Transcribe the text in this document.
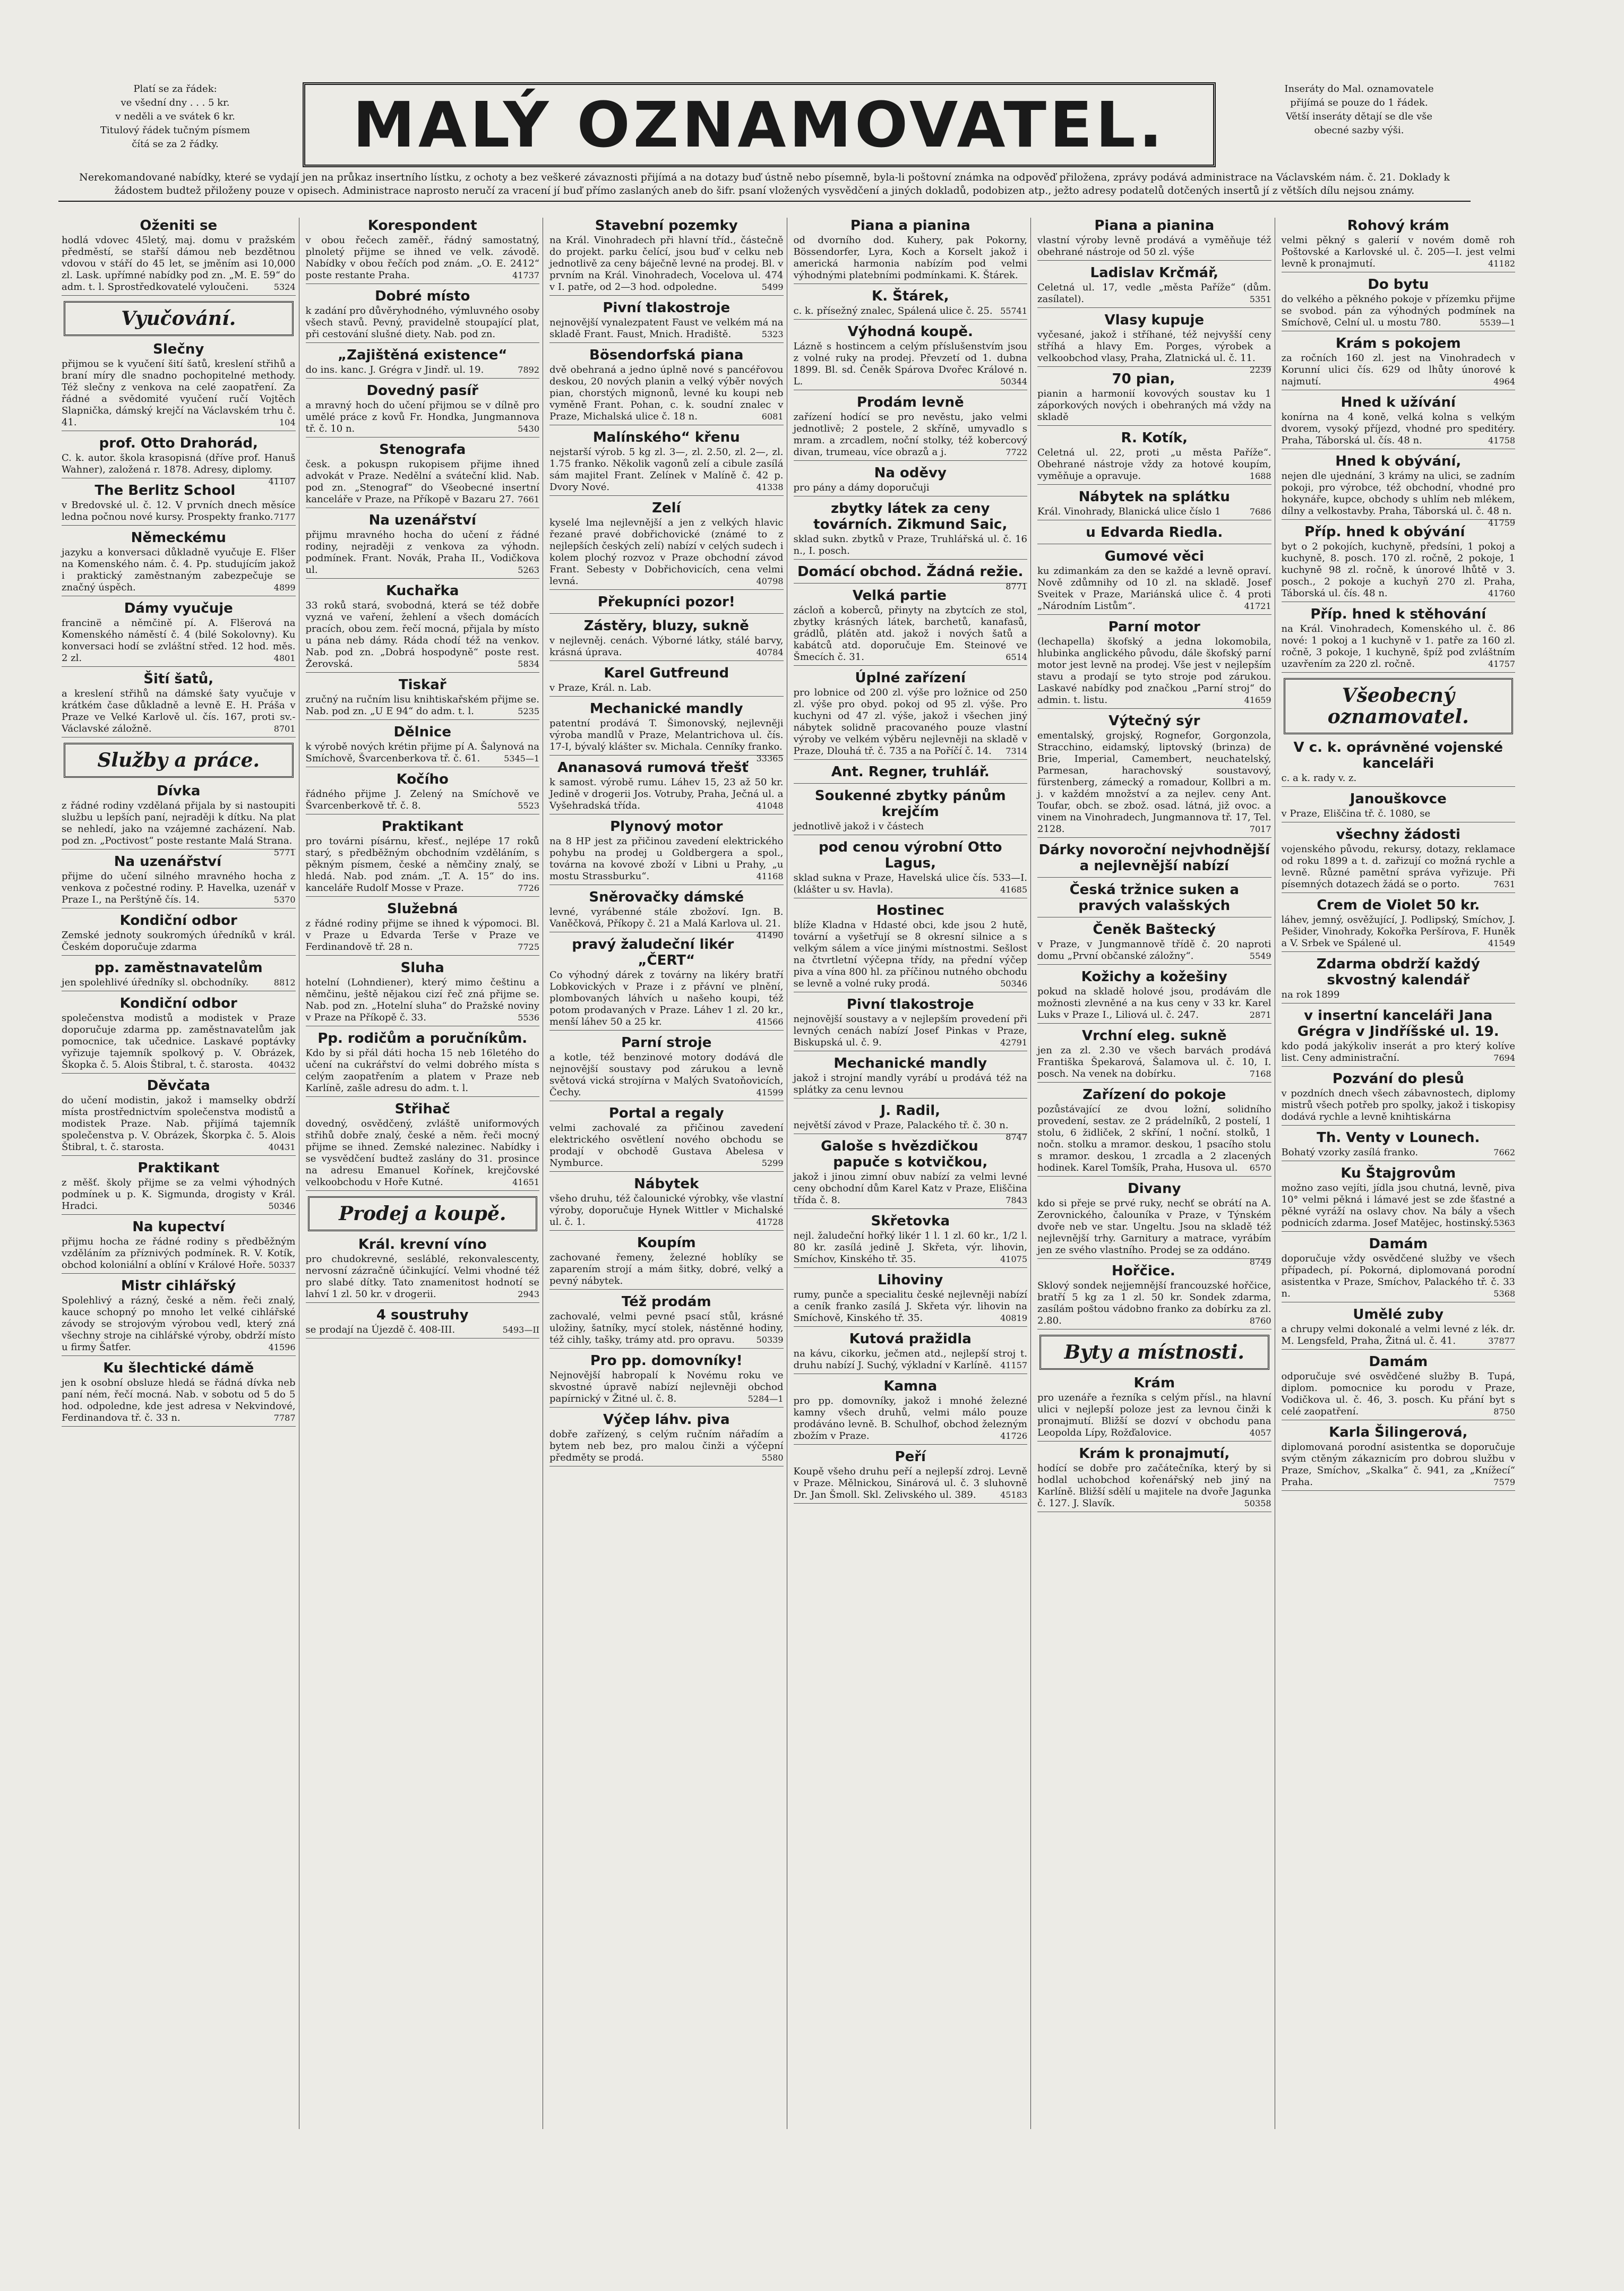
Platí se za řádek:
ve všední dny . . . 5 kr.
v neděli a ve svátek 6 kr.
Titulový řádek tučným písmem
čítá se za 2 řádky.	MALÝ OZNAMOVATEL.	Inseráty do Mal. oznamovatele
přijímá se pouze do 1 řádek.
Větší inseráty dětají se dle vše
obecné sazby výši.
Nerekomandované nabídky, které se vydají jen na průkaz insertního lístku, z ochoty a bez veškeré závaznosti přijímá a na dotazy buď ústně nebo písemně, byla-li poštovní známka na odpověď přiložena, zprávy podává administrace na Václavském nám. č. 21. Doklady k žádostem budtež přiloženy pouze v opisech. Administrace naprosto neručí za vracení jí buď přímo zaslaných aneb do šifr. psaní vložených vysvědčení a jiných dokladů, podobizen atp., ježto adresy podatelů dotčených insertů jí z větších dílu nejsou známy.
Oženiti se

hodlá vdovec 45letý, maj. domu v pražském předměstí, se stařší dámou neb bezdětnou vdovou v stáří do 45 let, se jměním asi 10,000 zl. Lask. upřímné nabídky pod zn. „M. E. 59“ do adm. t. l. Sprostředkovatelé vyloučeni.	5324

Vyučování.
Slečny

přijmou se k vyučení šití šatů, kreslení střihů a braní míry dle snadno pochopitelné methody. Též slečny z venkova na celé zaopatření. Za řádné a svědomité vyučení ručí Vojtěch Slapnička, dámský krejčí na Václavském trhu č. 41.	104

prof. Otto Drahorád,

C. k. autor. škola krasopisná (dříve prof. Hanuš Wahner), založená r. 1878. Adresy, diplomy.
41107

The Berlitz School

v Bredovské ul. č. 12. V prvních dnech měsíce ledna počnou nové kursy. Prospekty franko. 7177

Německému

jazyku a konversaci důkladně vyučuje E. Flšer na Komenského nám. č. 4. Pp. studujícím jakož i praktický zaměstnaným zabezpečuje se značný úspěch.	4899

Dámy vyučuje

francinë a němčině pí. A. Flšerová na Komenského náměstí č. 4 (bilé Sokolovny). Ku konversaci hodí se zvláštní střed. 12 hod. měs. 2 zl.	4801

Šití šatů,

a kreslení střihů na dámské šaty vyučuje v krátkém čase důkladně a levně E. H. Práša v Praze ve Velké Karlově ul. čís. 167, proti sv.-Václavské záložně.	8701

Služby a práce.
Dívka

z řádné rodiny vzdělaná přijala by si nastoupiti službu u lepších paní, nejraději k dítku. Na plat se nehledí, jako na vzájemné zacházení. Nab. pod zn. „Poctivost“ poste restante Malá Strana.
5771

Na uzenářství

přijme do učení silného mravného hocha z venkova z počestné rodiny. P. Havelka, uzenář v Praze I., na Perštýně čís. 14.	5370

Kondiční odbor

Zemské jednoty soukromých úředníků v král. Českém doporučuje zdarma

pp. zaměstnavatelům

jen spolehlivé úředníky sl. obchodníky.	8812

Kondiční odbor

společenstva modistů a modistek v Praze doporučuje zdarma pp. zaměstnavatelům jak pomocnice, tak učednice. Laskavé poptávky vyřizuje tajemník spolkový p. V. Obrázek, Škopka č. 5. Alois Štibral, t. č. starosta. 40432

Děvčata

do učení modistin, jakož i mamselky obdrží místa prostřednictvím společenstva modistů a modistek Praze. Nab. přijímá tajemník společenstva p. V. Obrázek, Škorpka č. 5. Alois Štibral, t. č. starosta.	40431

Praktikant

z měšť. školy přijme se za velmi výhodných podmínek u p. K. Sigmunda, drogisty v Král. Hradci.	50346

Na kupectví

přijmu hocha ze řádné rodiny s předběžným vzděláním za příznivých podmínek. R. V. Kotík, obchod koloniální a oblíní v Králové Hoře. 50337

Mistr cihlářský

Spolehlivý a rázný, české a něm. řeči znalý, kauce schopný po mnoho let velké cihlářské závody se strojovým výrobou vedl, který zná všechny stroje na cihlářské výroby, obdrží místo u firmy Šatfer.	41596

Ku šlechtické dámě

jen k osobní obsluze hledá se řádná dívka neb paní ném, řečí mocná. Nab. v sobotu od 5 do 5 hod. odpoledne, kde jest adresa v Nekvindové, Ferdinandova tř. č. 33 n.	7787

Korespondent

v obou řečech zaměř., řádný samostatný, plnoletý přijme se ihned ve velk. závodě. Nabídky v obou řečích pod znám. „O. E. 2412“ poste restante Praha.	41737

Dobré místo

k zadání pro důvěryhodného, výmluvného osoby všech stavů. Pevný, pravidelně stoupající plat, při cestování slušné diety. Nab. pod zn.

„Zajištěná existence“

do ins. kanc. J. Grégra v Jindř. ul. 19.	7892

Dovedný pasíř

a mravný hoch do učení přijmou se v dílně pro umělé práce z kovů Fr. Hondka, Jungmannova tř. č. 10 n.	5430

Stenografa

česk. a pokuspn rukopisem přijme ihned advokát v Praze. Nedělní a sváteční klid. Nab. pod zn. „Stenograf“ do Všeobecné insertní kanceláře v Praze, na Příkopě v Bazaru 27. 7661

Na uzenářství

přijmu mravného hocha do učení z řádné rodiny, nejraději z venkova za výhodn. podmínek. Frant. Novák, Praha II., Vodičkova ul.	5263

Kuchařka

33 roků stará, svobodná, která se též dobře vyzná ve vaření, žehlení a všech domácích pracích, obou zem. řečí mocná, přijala by místo u pána neb dámy. Ráda chodí též na venkov. Nab. pod zn. „Dobrá hospodyně“ poste rest. Žerovská.	5834

Tiskař

zručný na ručním lisu knihtiskařském přijme se. Nab. pod zn. „U E 94“ do adm. t. l.	5235

Dělnice

k výrobě nových krétin přijme pí A. Šalynová na Smíchově, Švarcenberkova tř. č. 61.	5345—1

Kočího

řádného přijme J. Zelený na Smíchově ve Švarcenberkově tř. č. 8.	5523

Praktikant

pro továrni písárnu, křesť., nejlépe 17 roků starý, s předběžným obchodním vzděláním, s pěkným písmem, české a němčiny znalý, se hledá. Nab. pod znám. „T. A. 15“ do ins. kanceláře Rudolf Mosse v Praze.	7726

Služebná

z řádné rodiny přijme se ihned k výpomoci. Bl. v Praze u Edvarda Terše v Praze ve Ferdinandově tř. 28 n.	7725

Sluha

hotelní (Lohndiener), který mimo češtinu a němčinu, ještě nějakou cizí řeč zná přijme se. Nab. pod zn. „Hotelní sluha“ do Pražské noviny v Praze na Příkopě č. 33.	5536

Pp. rodičům a poručníkům.

Kdo by si přál dáti hocha 15 neb 16letého do učení na cukrářství do velmi dobrého místa s celým zaopatřením a platem v Praze neb Karlíně, zašle adresu do adm. t. l.

Střihač

dovedný, osvědčený, zvláště uniformových střihů dobře znalý, české a něm. řeči mocný přijme se ihned. Zemské nalezinec. Nabídky i se vysvědčení budtež zaslány do 31. prosince na adresu Emanuel Kořínek, krejčovské velkoobchodu v Hoře Kutné.	41651

Prodej a koupě.
Král. krevní víno

pro chudokrevné, sesláblé, rekonvalescenty, nervosní zázračně účinkující. Velmi vhodné též pro slabé dítky. Tato znamenitost hodnotí se lahví 1 zl. 50 kr. v drogerii.	2943

4 soustruhy

se prodají na Újezdě č. 408-III.	5493—II

Stavební pozemky

na Král. Vinohradech při hlavní tříd., částečně do projekt. parku čelící, jsou buď v celku neb jednotlivě za ceny báječně levné na prodej. Bl. v prvním na Král. Vinohradech, Vocelova ul. 474 v I. patře, od 2—3 hod. odpoledne.	5499

Pivní tlakostroje

nejnovější vynalezpatent Faust ve velkém má na skladě Frant. Faust, Mnich. Hradiště.	5323

Bösendorfská piana

dvě obehraná a jedno úplně nové s pancéřovou deskou, 20 nových planin a velký výběr nových pian, chorstých mignonů, levné ku koupi neb vyměně Frant. Pohan, c. k. soudní znalec v Praze, Michalská ulice č. 18 n.	6081

Malínského“ křenu

nejstarší výrob. 5 kg zl. 3—, zl. 2.50, zl. 2—, zl. 1.75 franko. Několik vagonů zelí a cibule zasílá sám majitel Frant. Zelínek v Malíně č. 42 p. Dvory Nové.	41338

Zelí

kyselé lma nejlevnější a jen z velkých hlavic řezané pravé dobřichovické (známé to z nejlepších českých zelí) nabízí v celých sudech i kolem plochý rozvoz v Praze obchodní závod Frant. Sebesty v Dobřichovicích, cena velmi levná.	40798

Překupníci pozor!

Zástěry, bluzy, sukně

v nejlevněj. cenách. Výborné látky, stálé barvy, krásná úprava.	40784

Karel Gutfreund

v Praze, Král. n. Lab.

Mechanické mandly

patentní prodává T. Šimonovský, nejlevněji výroba mandlů v Praze, Melantrichova ul. čís. 17-I, bývalý klášter sv. Michala. Cenníky franko.
33365

Ananasová rumová třešť

k samost. výrobě rumu. Láhev 15, 23 až 50 kr. Jedině v drogerii Jos. Votruby, Praha, Ječná ul. a Vyšehradská třída.	41048

Plynový motor

na 8 HP jest za přičinou zavedení elektrického pohybu na prodej u Goldbergera a spol., továrna na kovové zboží v Libni u Prahy, „u mostu Strassburku“.	41168

Sněrovačky dámské

levné, vyrábenné stále zbožoví. Ign. B. Vaněčková, Příkopy č. 21 a Malá Karlova ul. 21.
41490

pravý žaludeční likér „ČERT“

Co výhodný dárek z továrny na likéry bratří Lobkovických v Praze i z přávní ve plnění, plombovaných láhvích u našeho koupi, též potom prodavaných v Praze. Láhev 1 zl. 20 kr., menší láhev 50 a 25 kr.	41566

Parní stroje

a kotle, též benzinové motory dodává dle nejnovější soustavy pod zárukou a levně světová vická strojírna v Malých Svatoňovicích, Čechy.	41599

Portal a regaly

velmi zachovalé za přičinou zavedení elektrického osvětlení nového obchodu se prodají v obchodě Gustava Abelesa v Nymburce.	5299

Nábytek

všeho druhu, též čalounické výrobky, vše vlastní výroby, doporučuje Hynek Wittler v Michalské ul. č. 1.	41728

Koupím

zachované řemeny, železné hoblíky se zaparením strojí a mám šitky, dobré, velký a pevný nábytek.

Též prodám

zachovalé, velmi pevné psací stůl, krásné uložiny, šatníky, mycí stolek, nástěnné hodiny, též cihly, tašky, trámy atd. pro opravu.	50339

Pro pp. domovníky!

Nejnovější habropalí k Novému roku ve skvostné úpravě nabízí nejlevněji obchod papírnický v Žitné ul. č. 8.	5284—1

Výčep láhv. piva

dobře zařízený, s celým ručním nářadím a bytem neb bez, pro malou činži a výčepní předměty se prodá.	5580

Piana a pianina

od dvorního dod. Kuhery, pak Pokorny, Bössendorfer, Lyra, Koch a Korselt jakož i americká harmonia nabízím pod velmi výhodnými platebními podmínkami. K. Štárek.

K. Štárek,

c. k. přísežný znalec, Spálená ulice č. 25. 55741

Výhodná koupě.

Lázně s hostincem a celým příslušenstvím jsou z volné ruky na prodej. Převzetí od 1. dubna 1899. Bl. sd. Čeněk Spárova Dvořec Králové n. L.	50344

Prodám levně

zařízení hodící se pro nevěstu, jako velmi jednotlivě; 2 postele, 2 skříně, umyvadlo s mram. a zrcadlem, noční stolky, též kobercový divan, trumeau, více obrazů a j.	7722

Na oděvy

pro pány a dámy doporučuji

zbytky látek za ceny továrních. Zikmund Saic,

sklad sukn. zbytků v Praze, Truhlářská ul. č. 16 n., I. posch.

Domácí obchod. Žádná režie.

8771

Velká partie

zácloň a koberců, přinyty na zbytcích ze stol, zbytky krásných látek, barchetů, kanafasů, grádlů, plátěn atd. jakož i nových šatů a kabátců atd. doporučuje Em. Steinové ve Šmecích č. 31.	6514

Úplné zařízení

pro lobnice od 200 zl. výše pro ložnice od 250 zl. výše pro obyd. pokoj od 95 zl. výše. Pro kuchyni od 47 zl. výše, jakož i všechen jiný nábytek solidně pracovaného pouze vlastní výroby ve velkém výběru nejlevněji na skladě v Praze, Dlouhá tř. č. 735 a na Poříčí č. 14. 7314

Ant. Regner, truhlář.

Soukenné zbytky pánům krejčím

jednotlivě jakož i v částech

pod cenou výrobní Otto Lagus,

sklad sukna v Praze, Havelská ulice čís. 533—I. (klášter u sv. Havla).	41685

Hostinec

blíže Kladna v Hdasté obci, kde jsou 2 hutě, tovární a vyšetřují se 8 okresní silnice a s velkým sálem a více jinými místnostmi. Sešlost na čtvrtletní výčepna třídy, na přední výčep piva a vína 800 hl. za příčinou nutného obchodu se levně a volné ruky prodá.	50346

Pivní tlakostroje

nejnovější soustavy a v nejlepším provedení při levných cenách nabízí Josef Pinkas v Praze, Biskupská ul. č. 9.	42791

Mechanické mandly

jakož i strojní mandly vyrábí u prodává též na splátky za cenu levnou

J. Radil,

největší závod v Praze, Palackého tř. č. 30 n.
8747

Galoše s hvězdičkou papuče s kotvičkou,

jakož i jinou zimní obuv nabízí za velmi levné ceny obchodní dům Karel Katz v Praze, Eliščina třída č. 8.	7843

Skřetovka

nejl. žaludeční hořký likér 1 l. 1 zl. 60 kr., 1/2 l. 80 kr. zasílá jedině J. Skřeta, výr. lihovin, Smíchov, Kinského tř. 35.	41075

Lihoviny

rumy, punče a specialitu české nejlevněji nabízí a ceník franko zasílá J. Skřeta výr. lihovin na Smíchově, Kinského tř. 35.	40819

Kutová pražidla

na kávu, cikorku, ječmen atd., nejlepší stroj t. druhu nabízí J. Suchý, výkladní v Karlíně. 41157

Kamna

pro pp. domovníky, jakož i mnohé železné kamny všech druhů, velmi málo pouze prodáváno levně. B. Schulhof, obchod železným zbožím v Praze.	41726

Peří

Koupě všeho druhu peří a nejlepší zdroj. Levně v Praze. Mělnickou, Sinárová ul. č. 3 sluhovně Dr. Jan Šmoll. Skl. Zelivského ul. 389.	45183

Piana a pianina

vlastní výroby levně prodává a vyměňuje též obehrané nástroje od 50 zl. výše

Ladislav Krčmář,

Celetná ul. 17, vedle „města Paříže“ (dům. zasílatel).	5351

Vlasy kupuje

vyčesané, jakož i stříhané, též nejvyšší ceny stříhá a hlavy Em. Porges, výrobek a velkoobchod vlasy, Praha, Zlatnická ul. č. 11.
2239

70 pian,

pianin a harmonií kovových soustav ku 1 záporkových nových i obehraných má vždy na skladě

R. Kotík,

Celetná ul. 22, proti „u města Paříže“. Obehrané nástroje vždy za hotové koupím, vyměňuje a opravuje.	1688

Nábytek na splátku

Král. Vinohrady, Blanická ulice číslo 1	7686

u Edvarda Riedla.

Gumové věci

ku zdimankám za den se každé a levně opraví. Nově zdůmnihy od 10 zl. na skladě. Josef Sveitek v Praze, Mariánská ulice č. 4 proti „Národním Listům“.	41721

Parní motor

(lechapella) škofský a jedna lokomobila, hlubinka anglického původu, dále škofský parní motor jest levně na prodej. Vše jest v nejlepším stavu a prodají se tyto stroje pod zárukou. Laskavé nabídky pod značkou „Parní stroj“ do admin. t. listu.	41659

Výtečný sýr

ementalský, grojský, Rognefor, Gorgonzola, Stracchino, eidamský, liptovský (brinza) de Brie, Imperial, Camembert, neuchatelský, Parmesan, harachovský soustavový, fürstenberg, zámecký a romadour, Kollbri a m. j. v každém množství a za nejlev. ceny Ant. Toufar, obch. se zbož. osad. látná, již ovoc. a vinem na Vinohradech, Jungmannova tř. 17, Tel. 2128.	7017

Dárky novoroční nejvhodnější a nejlevnější nabízí

Česká tržnice suken a pravých valašských

Čeněk Baštecký

v Praze, v Jungmannově třídě č. 20 naproti domu „První občanské záložny“.	5549

Kožichy a kožešiny

pokud na skladě holové jsou, prodávám dle možnosti zlevněné a na kus ceny v 33 kr. Karel Luks v Praze I., Liliová ul. č. 247.	2871

Vrchní eleg. sukně

jen za zl. 2.30 ve všech barvách prodává Františka Špekarová, Šalamova ul. č. 10, I. posch. Na venek na dobírku.	7168

Zařízení do pokoje

pozůstávající ze dvou ložní, solidního provedení, sestav. ze 2 prádelníků, 2 postelí, 1 stolu, 6 židliček, 2 skříní, 1 noční. stolků, 1 nočn. stolku a mramor. deskou, 1 psacího stolu s mramor. deskou, 1 zrcadla a 2 zlacených hodinek. Karel Tomšík, Praha, Husova ul. 6570

Divany

kdo si přeje se prvé ruky, nechť se obrátí na A. Zerovnického, čalouníka v Praze, v Týnském dvoře neb ve star. Ungeltu. Jsou na skladě též nejlevnější trhy. Garnitury a matrace, vyrábím jen ze svého vlastního. Prodej se za oddáno.
8749

Hořčice.

Sklový sondek nejjemnější francouzské hořčice, bratří 5 kg za 1 zl. 50 kr. Sondek zdarma, zasílám poštou vádobno franko za dobírku za zl. 2.80.	8760

Byty a místnosti.
Krám

pro uzenáře a řezníka s celým přísl., na hlavní ulici v nejlepší poloze jest za levnou činži k pronajmutí. Bližší se dozví v obchodu pana Leopolda Lípy, Rožďalovice.	4057

Krám k pronajmutí,

hodící se dobře pro začátečníka, který by si hodlal uchobchod kořenářský neb jiný na Karlíně. Bližší sdělí u majitele na dvoře Jagunka č. 127. J. Slavík.	50358

Rohový krám

velmi pěkný s galerií v novém domě roh Poštovské a Karlovské ul. č. 205—I. jest velmi levně k pronajmutí.	41182

Do bytu

do velkého a pěkného pokoje v přízemku přijme se svobod. pán za výhodných podmínek na Smíchově, Celní ul. u mostu 780.	5539—1

Krám s pokojem

za ročních 160 zl. jest na Vinohradech v Korunní ulici čís. 629 od lhůty únorové k najmutí.	4964

Hned k užívání

konírna na 4 koně, velká kolna s velkým dvorem, vysoký příjezd, vhodné pro speditéry. Praha, Táborská ul. čís. 48 n.	41758

Hned k obývání,

nejen dle ujednání, 3 krámy na ulici, se zadním pokoji, pro výrobce, též obchodní, vhodné pro hokynáře, kupce, obchody s uhlím neb mlékem, dílny a velkostavby. Praha, Táborská ul. č. 48 n.
41759

Příp. hned k obývání

byt o 2 pokojích, kuchyně, předsíni, 1 pokoj a kuchyně, 8. posch. 170 zl. ročně, 2 pokoje, 1 kuchyně 98 zl. ročně, k únorové lhůtě v 3. posch., 2 pokoje a kuchyň 270 zl. Praha, Táborská ul. čís. 48 n.	41760

Příp. hned k stěhování

na Král. Vinohradech, Komenského ul. č. 86 nové: 1 pokoj a 1 kuchyně v 1. patře za 160 zl. ročně, 3 pokoje, 1 kuchyně, špíž pod zvláštním uzavřením za 220 zl. ročně.	41757

Všeobecný oznamovatel.
V c. k. oprávněné vojenské kanceláři

c. a k. rady v. z.

Janouškovce

v Praze, Eliščina tř. č. 1080, se

všechny žádosti

vojenského původu, rekursy, dotazy, reklamace od roku 1899 a t. d. zařizují co možná rychle a levně. Různé pamětní správa vyřizuje. Při písemných dotazech žádá se o porto.	7631

Crem de Violet 50 kr.

láhev, jemný, osvěžující, J. Podlipský, Smíchov, J. Pešider, Vinohrady, Kokořka Peršírova, F. Huněk a V. Srbek ve Spálené ul.	41549

Zdarma obdrží každý skvostný kalendář

na rok 1899

v insertní kanceláři Jana Grégra v Jindříšské ul. 19.

kdo podá jakýkoliv inserát a pro který kolíve list. Ceny administrační.	7694

Pozvání do plesů

v pozdních dnech všech zábavnostech, diplomy mistrů všech potřeb pro spolky, jakož i tiskopisy dodává rychle a levně knihtiskárna

Th. Venty v Lounech.

Bohatý vzorky zasílá franko.	7662

Ku Štajgrovům

možno zaso vejíti, jídla jsou chutná, levně, piva 10° velmi pěkná i lámavé jest se zde šťastné a pěkné vyráží na oslavy chov. Na bály a všech podnicích zdarma. Josef Matějec, hostinský. 5363

Damám

doporučuje vždy osvědčené služby ve všech případech, pí. Pokorná, diplomovaná porodní asistentka v Praze, Smíchov, Palackého tř. č. 33 n.	5368

Umělé zuby

a chrupy velmi dokonalé a velmi levné z lék. dr. M. Lengsfeld, Praha, Žitná ul. č. 41.	37877

Damám

odporučuje své osvědčené služby B. Tupá, diplom. pomocnice ku porodu v Praze, Vodičkova ul. č. 46, 3. posch. Ku přání byt s celé zaopatření.	8750

Karla Šilingerová,

diplomovaná porodní asistentka se doporučuje svým ctěným zákaznicím pro dobrou službu v Praze, Smíchov, „Skalka“ č. 941, za „Knížecí“ Praha.	7579
